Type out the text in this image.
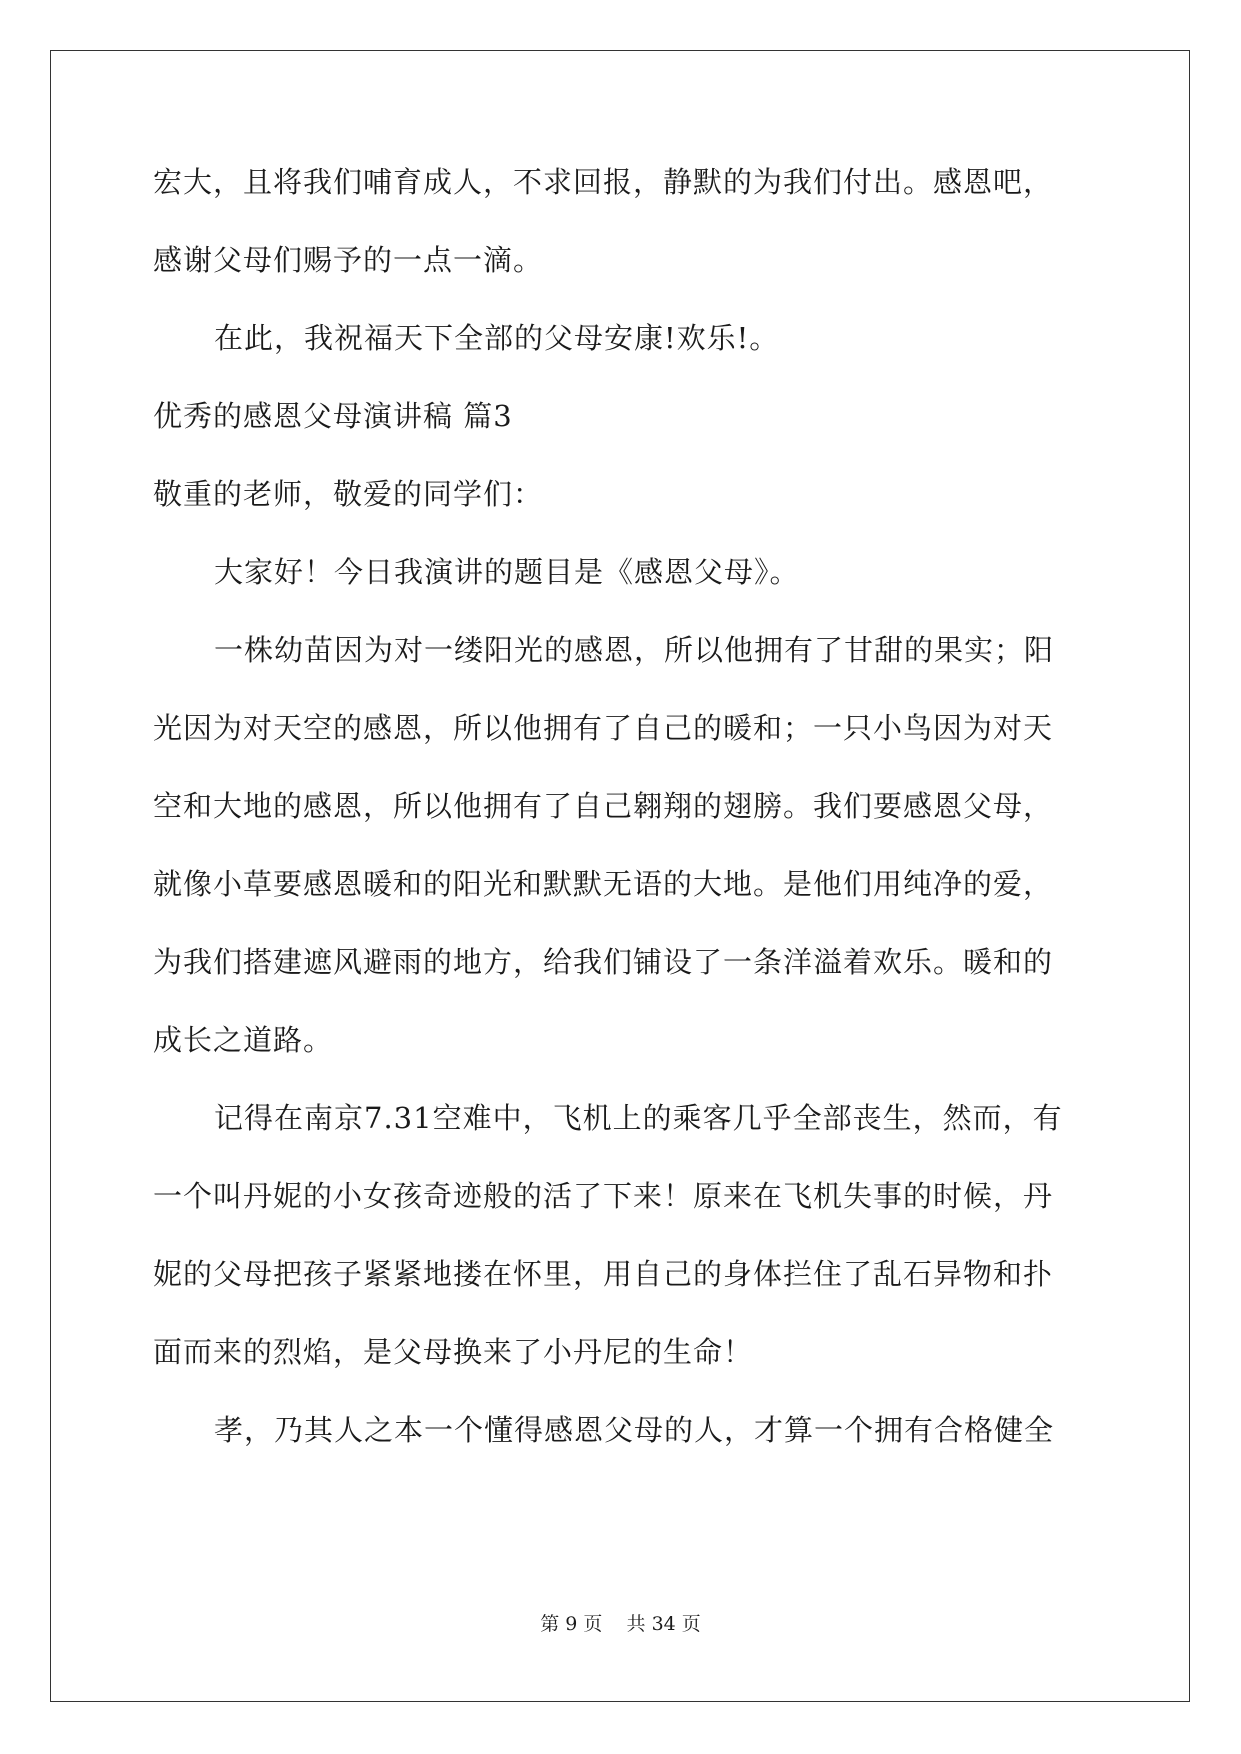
宏大，且将我们哺育成人，不求回报，静默的为我们付出。感恩吧，
感谢父母们赐予的一点一滴。
在此，我祝福天下全部的父母安康!欢乐!。
优秀的感恩父母演讲稿 篇3
敬重的老师，敬爱的同学们：
大家好！今日我演讲的题目是《感恩父母》。
一株幼苗因为对一缕阳光的感恩，所以他拥有了甘甜的果实；阳
光因为对天空的感恩，所以他拥有了自己的暖和；一只小鸟因为对天
空和大地的感恩，所以他拥有了自己翱翔的翅膀。我们要感恩父母，
就像小草要感恩暖和的阳光和默默无语的大地。是他们用纯净的爱，
为我们搭建遮风避雨的地方，给我们铺设了一条洋溢着欢乐。暖和的
成长之道路。
记得在南京7.31空难中，飞机上的乘客几乎全部丧生，然而，有
一个叫丹妮的小女孩奇迹般的活了下来！原来在飞机失事的时候，丹
妮的父母把孩子紧紧地搂在怀里，用自己的身体拦住了乱石异物和扑
面而来的烈焰，是父母换来了小丹尼的生命！
孝，乃其人之本一个懂得感恩父母的人，才算一个拥有合格健全
第 9 页    共 34 页
